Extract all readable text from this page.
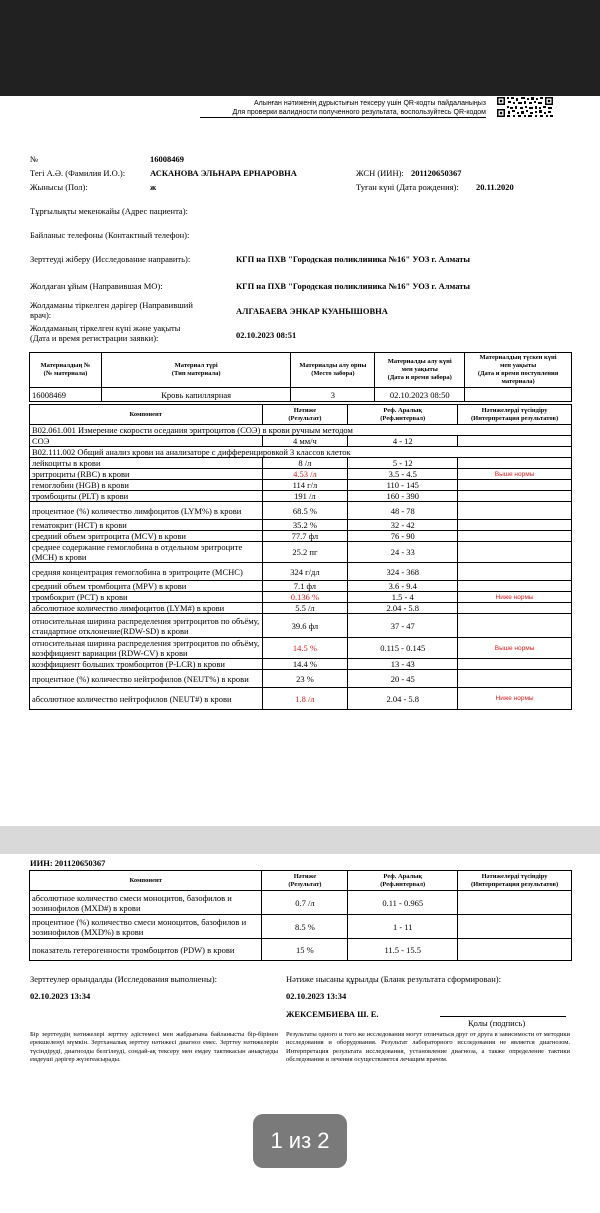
Алынған нәтиженің дұрыстығын тексеру үшін QR-кодты пайдаланыңыз
Для проверки валидности полученного результата, воспользуйтесь QR-кодом
№	16008469
Тегі А.Ә. (Фамилия И.О.):	АСКАНОВА ЭЛЬНАРА ЕРНАРОВНА	ЖСН (ИИН): 201120650367
Жынысы (Пол):	ж	Туған күні (Дата рождения): 20.11.2020
Тұрғылықты мекенжайы (Адрес пациента):
Байланыс телефоны (Контактный телефон):
Зерттеуді жіберу (Исследование направить):	КГП на ПХВ "Городская поликлиника №16" УОЗ г. Алматы
Жолдаған ұйым (Направившая МО):	КГП на ПХВ "Городская поликлиника №16" УОЗ г. Алматы
Жолдаманы тіркелген дәрігер (Направивший
врач):	АЛГАБАЕВА ЭНКАР КУАНЫШОВНА
Жолдаманың тіркелген күні және уақыты
(Дата и время регистрации заявки):	02.10.2023 08:51
Материалдың №
(№ материала)	Материал түрі
(Тип материала)	Материалды алу орны
(Место забора)	Материалды алу күні
мен уақыты
(Дата и время забора)	Материалдың түскен күні
мен уақыты
(Дата и время поступления
материала)
16008469	Кровь капиллярная	3	02.10.2023 08:50	
Компонент	Нәтиже
(Результат)	Реф. Аралық
(Реф.интервал)	Нәтижелерді түсіндіру
(Интерпретация результатов)
B02.061.001 Измерение скорости оседания эритроцитов (СОЭ) в крови ручным методом			
СОЭ	4 мм/ч	4 - 12	
B02.111.002 Общий анализ крови на анализаторе с дифференцировкой 3 классов клеток			
лейкоциты в крови	8 /л	5 - 12	
эритроциты (RBC) в крови	4.53 /л	3.5 - 4.5	Выше нормы
гемоглобин (HGB) в крови	114 г/л	110 - 145	
тромбоциты (PLT) в крови	191 /л	160 - 390	
процентное (%) количество лимфоцитов (LYM%) в крови	68.5 %	48 - 78	
гематокрит (HCT) в крови	35.2 %	32 - 42	
средний объем эритроцита (MCV) в крови	77.7 фл	76 - 90	
среднее содержание гемоглобина в отдельном эритроците (MCH) в крови	25.2 пг	24 - 33	
средняя концентрация гемоглобина в эритроците (MCHC)	324 г/дл	324 - 368	
средний объем тромбоцита (MPV) в крови	7.1 фл	3.6 - 9.4	
тромбокрит (PCT) в крови	0.136 %	1.5 - 4	Ниже нормы
абсолютное количество лимфоцитов (LYM#) в крови	5.5 /л	2.04 - 5.8	
относительная ширина распределения эритроцитов по объёму, стандартное отклонение(RDW-SD) в крови	39.6 фл	37 - 47	
относительная ширина распределения эритроцитов по объёму, коэффициент вариации (RDW-CV) в крови	14.5 %	0.115 - 0.145	Выше нормы
коэффициент больших тромбоцитов (P-LCR) в крови	14.4 %	13 - 43	
процентное (%) количество нейтрофилов (NEUT%) в крови	23 %	20 - 45	
абсолютное количество нейтрофилов (NEUT#) в крови	1.8 /л	2.04 - 5.8	Ниже нормы
ИИН: 201120650367
Компонент	Нәтиже
(Результат)	Реф. Аралық
(Реф.интервал)	Нәтижелерді түсіндіру
(Интерпретация результатов)
абсолютное количество смеси моноцитов, базофилов и эозинофилов (MXD#) в крови	0.7 /л	0.11 - 0.965	
процентное (%) количество смеси моноцитов, базофилов и эозинофилов (MXD%) в крови	8.5 %	1 - 11	
показатель гетерогенности тромбоцитов (PDW) в крови	15 %	11.5 - 15.5	
Зерттеулер орындалды (Исследования выполнены):
02.10.2023 13:34
Нәтиже нысаны құрылды (Бланк результата сформирован):
02.10.2023 13:34
ЖЕКСЕМБИЕВА Ш. Е.
Қолы (подпись)
Бір зерттеудің нәтижелері зерттеу әдістемесі мен жабдығына байланысты бір-бірінен ерекшеленуі мүмкін. Зертханалық зерттеу нәтижесі диагноз емес. Зерттеу нәтижелерін түсіндіруді, диагнозды белгілеуді, сондай-ақ тексеру мен емдеу тактикасын анықтауды емдеуші дәрігер жүзегеасырады.
Результаты одного и того же исследования могут отличаться друг от друга в зависимости от методики исследования и оборудования. Результат лабораторного исследования не является диагнозом. Интерпретация результата исследования, установление диагноза, а также определение тактики обследования и лечения осуществляется лечащим врачом.
1 из 2
